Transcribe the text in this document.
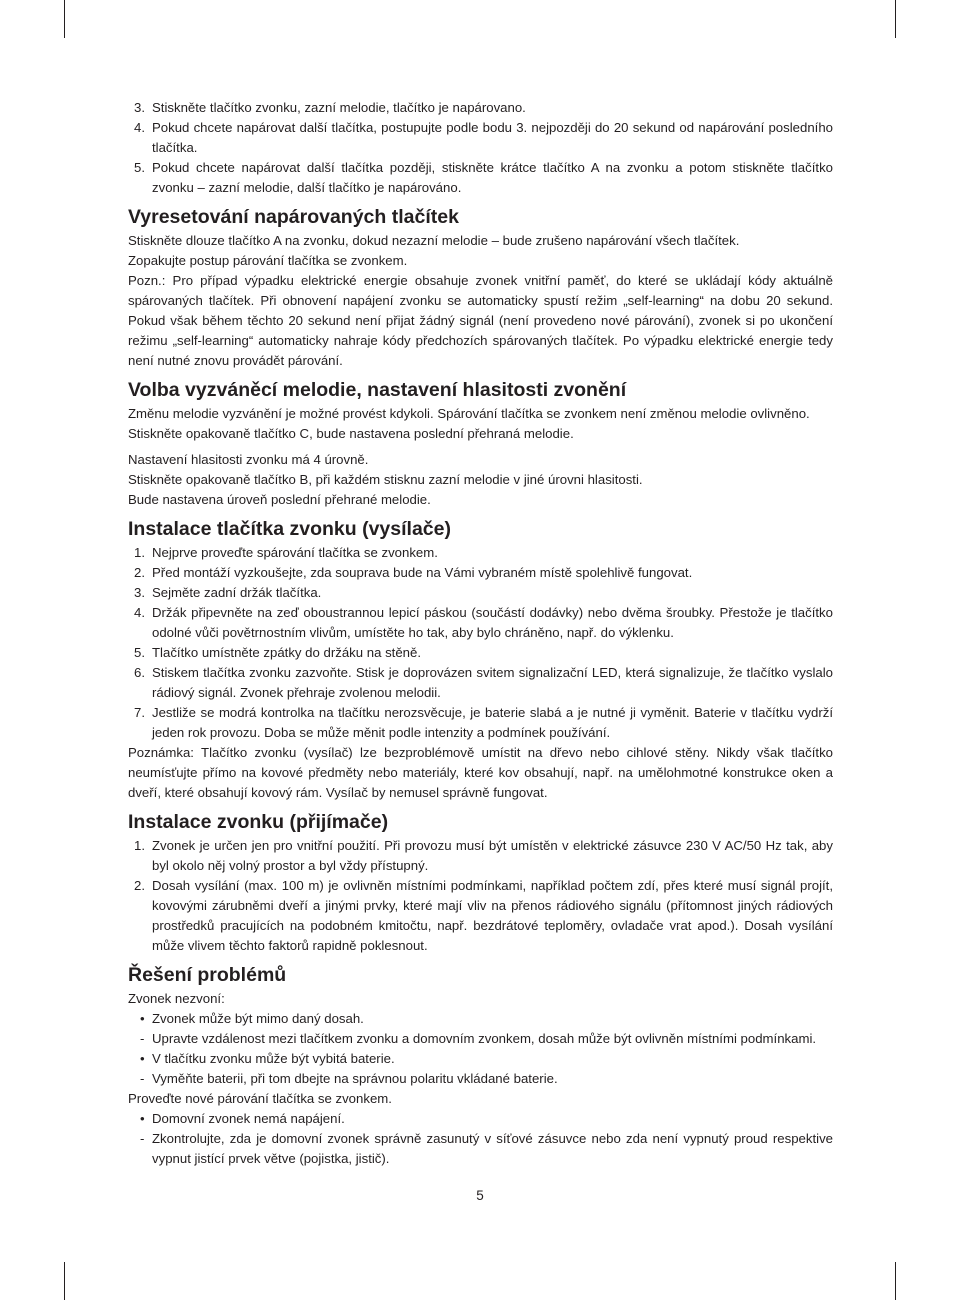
3. Stiskněte tlačítko zvonku, zazní melodie, tlačítko je napárovano.
4. Pokud chcete napárovat další tlačítka, postupujte podle bodu 3. nejpozději do 20 sekund od napárování posledního tlačítka.
5. Pokud chcete napárovat další tlačítka později, stiskněte krátce tlačítko A na zvonku a potom stiskněte tlačítko zvonku – zazní melodie, další tlačítko je napárováno.
Vyresetování napárovaných tlačítek

Stiskněte dlouze tlačítko A na zvonku, dokud nezazní melodie – bude zrušeno napárování všech tlačítek.

Zopakujte postup párování tlačítka se zvonkem.

Pozn.: Pro případ výpadku elektrické energie obsahuje zvonek vnitřní paměť, do které se ukládají kódy aktuálně spárovaných tlačítek. Při obnovení napájení zvonku se automaticky spustí režim „self-learning“ na dobu 20 sekund. Pokud však během těchto 20 sekund není přijat žádný signál (není provedeno nové párování), zvonek si po ukončení režimu „self-learning“ automaticky nahraje kódy předchozích spárovaných tlačítek. Po výpadku elektrické energie tedy není nutné znovu provádět párování.

Volba vyzváněcí melodie, nastavení hlasitosti zvonění

Změnu melodie vyzvánění je možné provést kdykoli. Spárování tlačítka se zvonkem není změnou melodie ovlivněno.

Stiskněte opakovaně tlačítko C, bude nastavena poslední přehraná melodie.

Nastavení hlasitosti zvonku má 4 úrovně.

Stiskněte opakovaně tlačítko B, při každém stisknu zazní melodie v jiné úrovni hlasitosti.

Bude nastavena úroveň poslední přehrané melodie.

Instalace tlačítka zvonku (vysílače)
1. Nejprve proveďte spárování tlačítka se zvonkem.
2. Před montáží vyzkoušejte, zda souprava bude na Vámi vybraném místě spolehlivě fungovat.
3. Sejměte zadní držák tlačítka.
4. Držák připevněte na zeď oboustrannou lepicí páskou (součástí dodávky) nebo dvěma šroubky. Přestože je tlačítko odolné vůči povětrnostním vlivům, umístěte ho tak, aby bylo chráněno, např. do výklenku.
5. Tlačítko umístněte zpátky do držáku na stěně.
6. Stiskem tlačítka zvonku zazvoňte. Stisk je doprovázen svitem signalizační LED, která signalizuje, že tlačítko vyslalo rádiový signál. Zvonek přehraje zvolenou melodii.
7. Jestliže se modrá kontrolka na tlačítku nerozsvěcuje, je baterie slabá a je nutné ji vyměnit. Baterie v tlačítku vydrží jeden rok provozu. Doba se může měnit podle intenzity a podmínek používání.

Poznámka: Tlačítko zvonku (vysílač) lze bezproblémově umístit na dřevo nebo cihlové stěny. Nikdy však tlačítko neumísťujte přímo na kovové předměty nebo materiály, které kov obsahují, např. na umělohmotné konstrukce oken a dveří, které obsahují kovový rám. Vysílač by nemusel správně fungovat.

Instalace zvonku (přijímače)
1. Zvonek je určen jen pro vnitřní použití. Při provozu musí být umístěn v elektrické zásuvce 230 V AC/50 Hz tak, aby byl okolo něj volný prostor a byl vždy přístupný.
2. Dosah vysílání (max. 100 m) je ovlivněn místními podmínkami, například počtem zdí, přes které musí signál projít, kovovými zárubněmi dveří a jinými prvky, které mají vliv na přenos rádiového signálu (přítomnost jiných rádiových prostředků pracujících na podobném kmitočtu, např. bezdrátové teploměry, ovladače vrat apod.). Dosah vysílání může vlivem těchto faktorů rapidně poklesnout.
Řešení problémů

Zvonek nezvoní:

• Zvonek může být mimo daný dosah.
- Upravte vzdálenost mezi tlačítkem zvonku a domovním zvonkem, dosah může být ovlivněn místními podmínkami.
• V tlačítku zvonku může být vybitá baterie.
- Vyměňte baterii, při tom dbejte na správnou polaritu vkládané baterie.

Proveďte nové párování tlačítka se zvonkem.

• Domovní zvonek nemá napájení.
- Zkontrolujte, zda je domovní zvonek správně zasunutý v síťové zásuvce nebo zda není vypnutý proud respektive vypnut jistící prvek větve (pojistka, jistič).
5
